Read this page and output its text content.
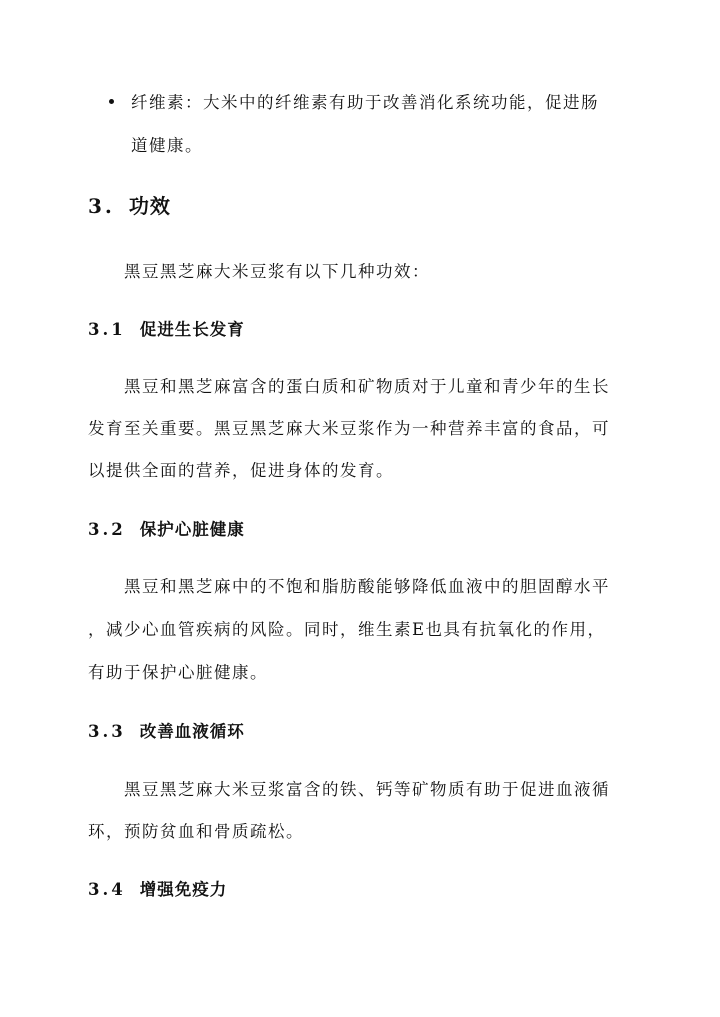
纤维素：大米中的纤维素有助于改善消化系统功能，促进肠
道健康。
3. 功效
黑豆黑芝麻大米豆浆有以下几种功效：
3.1 促进生长发育
黑豆和黑芝麻富含的蛋白质和矿物质对于儿童和青少年的生长
发育至关重要。黑豆黑芝麻大米豆浆作为一种营养丰富的食品，可
以提供全面的营养，促进身体的发育。
3.2 保护心脏健康
黑豆和黑芝麻中的不饱和脂肪酸能够降低血液中的胆固醇水平
，减少心血管疾病的风险。同时，维生素E也具有抗氧化的作用，
有助于保护心脏健康。
3.3 改善血液循环
黑豆黑芝麻大米豆浆富含的铁、钙等矿物质有助于促进血液循
环，预防贫血和骨质疏松。
3.4 增强免疫力
